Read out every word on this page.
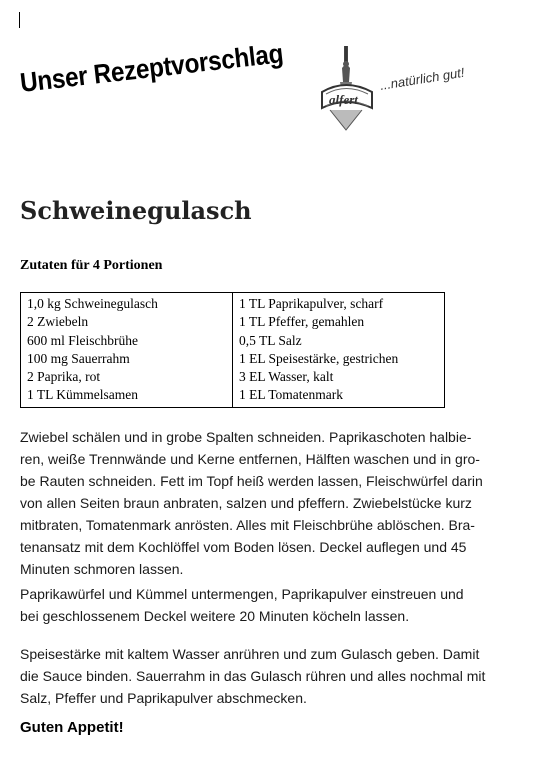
Unser Rezeptvorschlag
alfert
...natürlich gut!
Schweinegulasch
Zutaten für 4 Portionen
1,0 kg Schweinegulasch
2 Zwiebeln
600 ml Fleischbrühe
100 mg Sauerrahm
2 Paprika, rot
1 TL Kümmelsamen

1 TL Paprikapulver, scharf
1 TL Pfeffer, gemahlen
0,5 TL Salz
1 EL Speisestärke, gestrichen
3 EL Wasser, kalt
1 EL Tomatenmark
Zwiebel schälen und in grobe Spalten schneiden. Paprikaschoten halbie-
ren, weiße Trennwände und Kerne entfernen, Hälften waschen und in gro-
be Rauten schneiden. Fett im Topf heiß werden lassen, Fleischwürfel darin
von allen Seiten braun anbraten, salzen und pfeffern. Zwiebelstücke kurz
mitbraten, Tomatenmark anrösten. Alles mit Fleischbrühe ablöschen. Bra-
tenansatz mit dem Kochlöffel vom Boden lösen. Deckel auflegen und 45
Minuten schmoren lassen.
Paprikawürfel und Kümmel untermengen, Paprikapulver einstreuen und
bei geschlossenem Deckel weitere 20 Minuten köcheln lassen.
Speisestärke mit kaltem Wasser anrühren und zum Gulasch geben. Damit
die Sauce binden. Sauerrahm in das Gulasch rühren und alles nochmal mit
Salz, Pfeffer und Paprikapulver abschmecken.
Guten Appetit!
